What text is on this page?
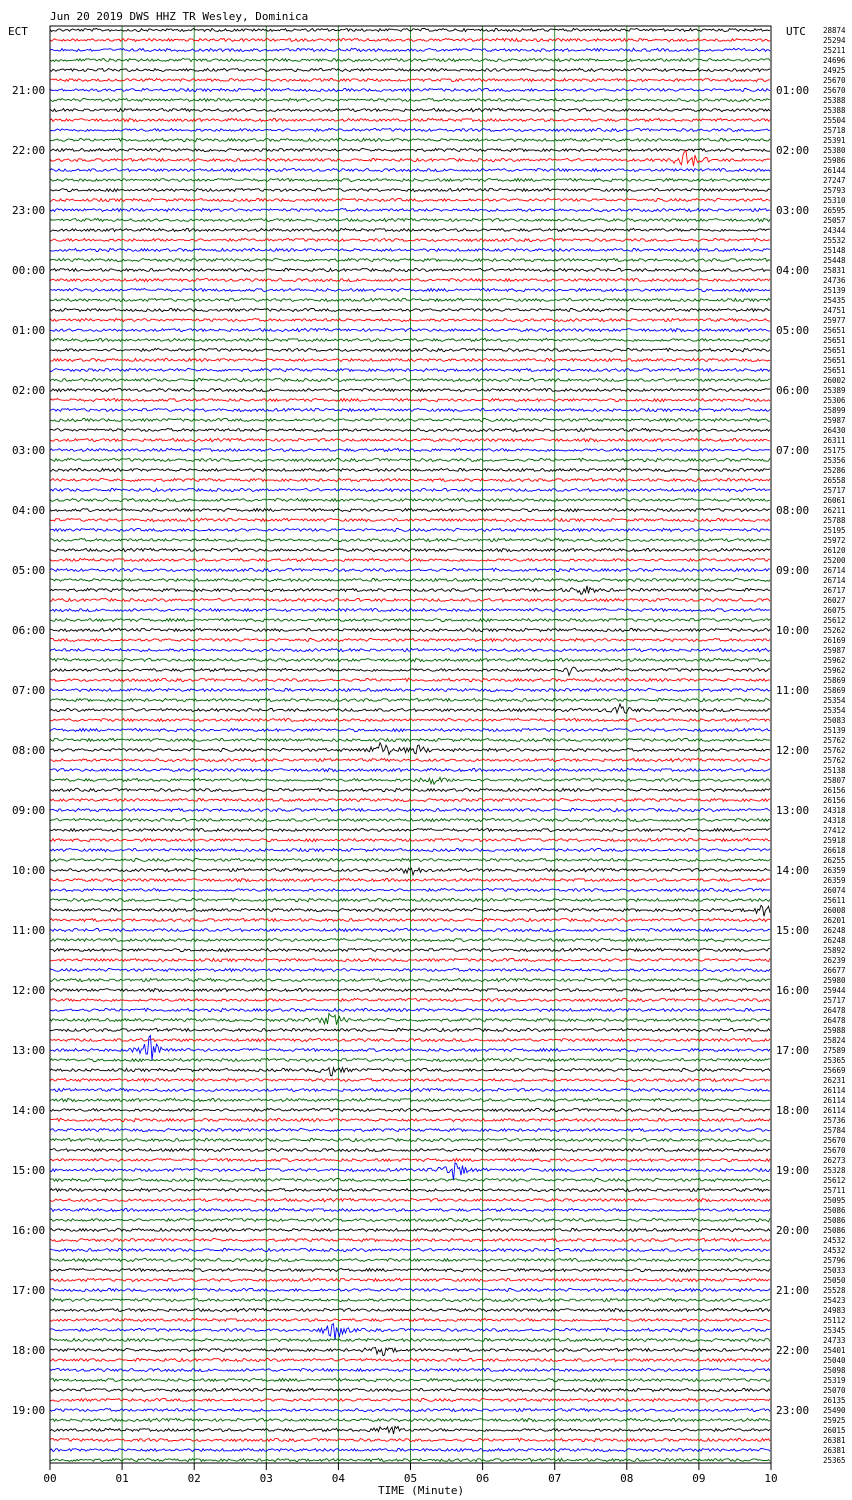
00	01	02	03	04	05	06	07	08	09	10
21:00
22:00
23:00
00:00
01:00
02:00
03:00
04:00
05:00
06:00
07:00
08:00
09:00
10:00
11:00
12:00
13:00
14:00
15:00
16:00
17:00
18:00
19:00
01:00
02:00
03:00
04:00
05:00
06:00
07:00
08:00
09:00
10:00
11:00
12:00
13:00
14:00
15:00
16:00
17:00
18:00
19:00
20:00
21:00
22:00
23:00
28874
25294
25211
24696
24925
25670
25670
25388
25388
25504
25718
25391
25380
25986
26144
27247
25793
25310
26595
25057
24344
25532
25148
25448
25831
24736
25139
25435
24751
25977
25651
25651
25651
25651
25651
26002
25389
25306
25899
25987
26430
26311
25175
25356
25286
26558
25717
26061
26211
25788
25195
25972
26120
25200
26714
26714
26717
26027
26075
25612
25262
26169
25987
25962
25962
25869
25869
25354
25354
25083
25139
25762
25762
25762
25138
25807
26156
26156
24318
24318
27412
25918
26618
26255
26359
26359
26074
25611
26008
26201
26248
26248
25892
26239
26677
25980
25944
25717
26478
26478
25988
25824
27589
25365
25669
26231
26114
26114
26114
25736
25784
25670
25670
26273
25328
25612
25711
25095
25086
25086
25086
24532
24532
25796
25033
25050
25528
25423
24983
25112
25345
24733
25401
25040
25098
25319
25070
26135
25490
25925
26015
26381
26381
25365
Jun 20 2019 DWS HHZ TR Wesley, Dominica
ECT	UTC
TIME (Minute)
